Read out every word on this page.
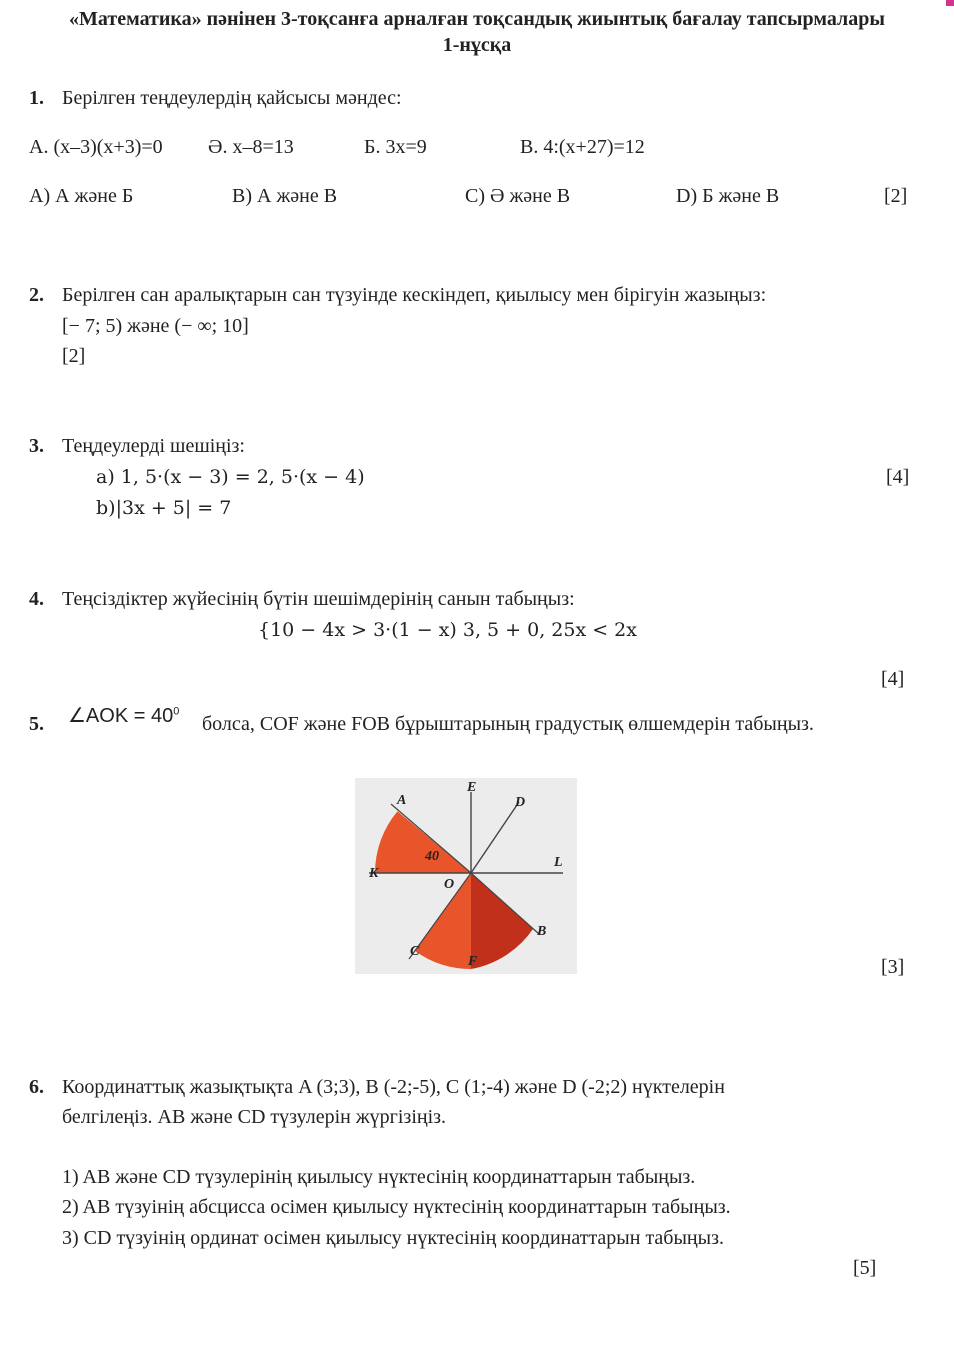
«Математика» пәнінен 3-тоқсанға арналған тоқсандық жиынтық бағалау тапсырмалары
1-нұсқа
1. Берілген теңдеулердің қайсысы мәндес:
А. (x–3)(x+3)=0 Ә. x–8=13	Б. 3x=9	В. 4:(x+27)=12
A) А және Б	B) А және В	C) Ә және В	D) Б және В	[2]
2. Берілген сан аралықтарын сан түзуінде кескіндеп, қиылысу мен бірігуін жазыңыз:
[− 7; 5) және (− ∞; 10]
[2]
3. Теңдеулерді шешіңіз:
a) 1, 5·(x − 3) = 2, 5·(x − 4)	[4]
b)|3x + 5| = 7
4. Теңсіздіктер жүйесінің бүтін шешімдерінің санын табыңыз:
{10 − 4x > 3·(1 − x) 3, 5 + 0, 25x < 2x
[4]
5. ∠AOK = $40^0$
болса, COF және FOB бұрыштарының градустық өлшемдерін табыңыз.
[3]
A
E
D
K
L
O
B
C
F
40
6. Координаттық жазықтықта A (3;3), B (-2;-5), C (1;-4) және D (-2;2) нүктелерін
белгілеңіз. AB және CD түзулерін жүргізіңіз.
1) AB және CD түзулерінің қиылысу нүктесінің координаттарын табыңыз.
2) AB түзуінің абсцисса осімен қиылысу нүктесінің координаттарын табыңыз.
3) CD түзуінің ординат осімен қиылысу нүктесінің координаттарын табыңыз.
[5]
